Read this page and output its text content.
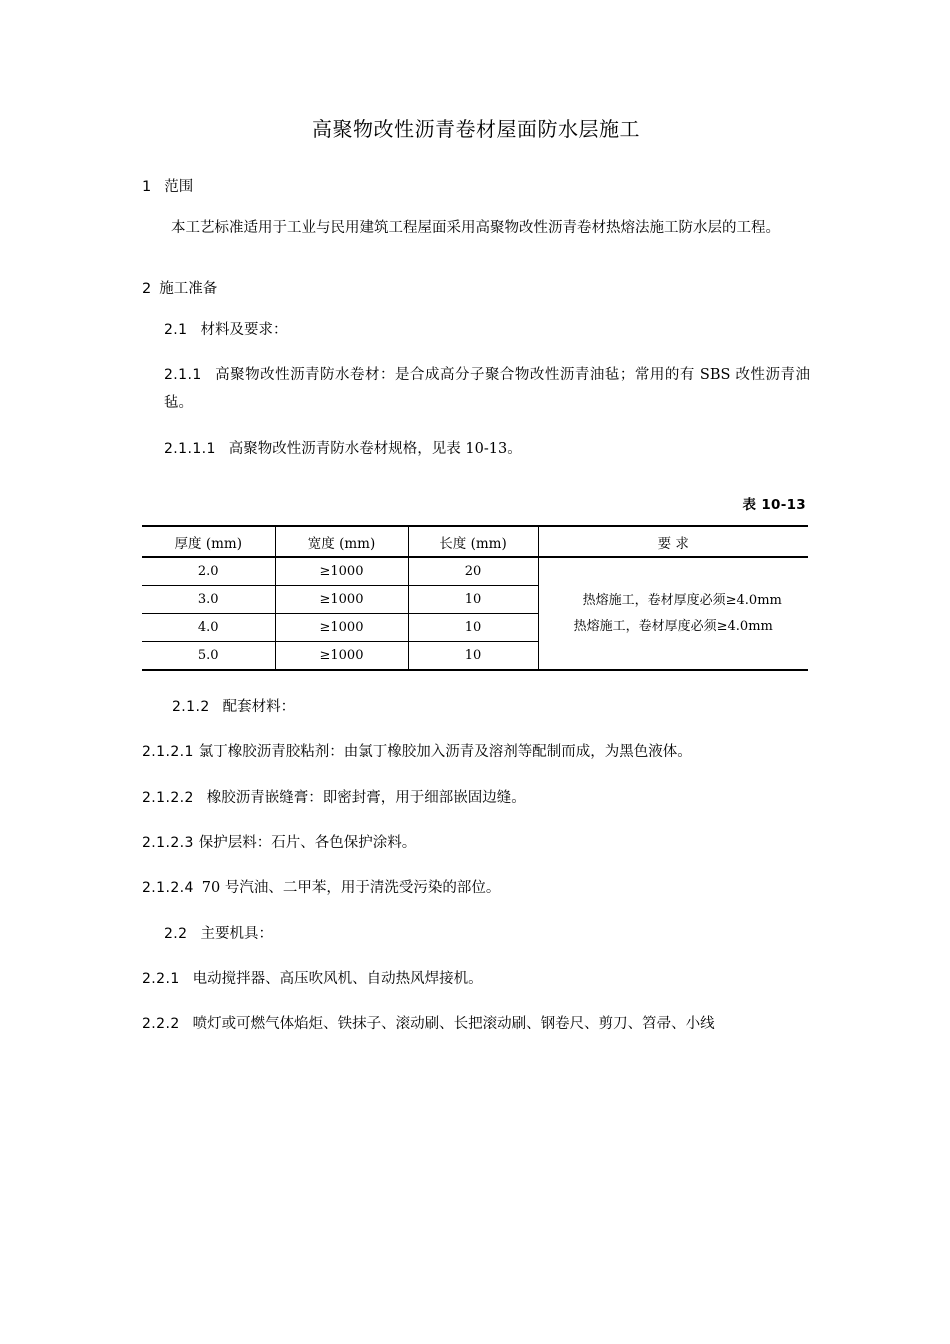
高聚物改性沥青卷材屋面防水层施工
1 范围

本工艺标准适用于工业与民用建筑工程屋面采用高聚物改性沥青卷材热熔法施工防水层的工程。

2 施工准备

2.1 材料及要求：

2.1.1 高聚物改性沥青防水卷材：是合成高分子聚合物改性沥青油毡；常用的有 SBS 改性沥青油毡。

2.1.1.1 高聚物改性沥青防水卷材规格，见表 10-13。

表 10-13
厚度 (mm)	宽度 (mm)	长度 (mm)	要 求
2.0	≥1000	20	热熔施工，卷材厚度必须≥4.0mm
热熔施工，卷材厚度必须≥4.0mm

3.0	≥1000	10	
4.0	≥1000	10	
5.0	≥1000	10	

2.1.2 配套材料：

2.1.2.1 氯丁橡胶沥青胶粘剂：由氯丁橡胶加入沥青及溶剂等配制而成，为黑色液体。

2.1.2.2 橡胶沥青嵌缝膏：即密封膏，用于细部嵌固边缝。

2.1.2.3 保护层料：石片、各色保护涂料。

2.1.2.4 70 号汽油、二甲苯，用于清洗受污染的部位。

2.2 主要机具：

2.2.1 电动搅拌器、高压吹风机、自动热风焊接机。

2.2.2 喷灯或可燃气体焰炬、铁抹子、滚动刷、长把滚动刷、钢卷尺、剪刀、笤帚、小线
